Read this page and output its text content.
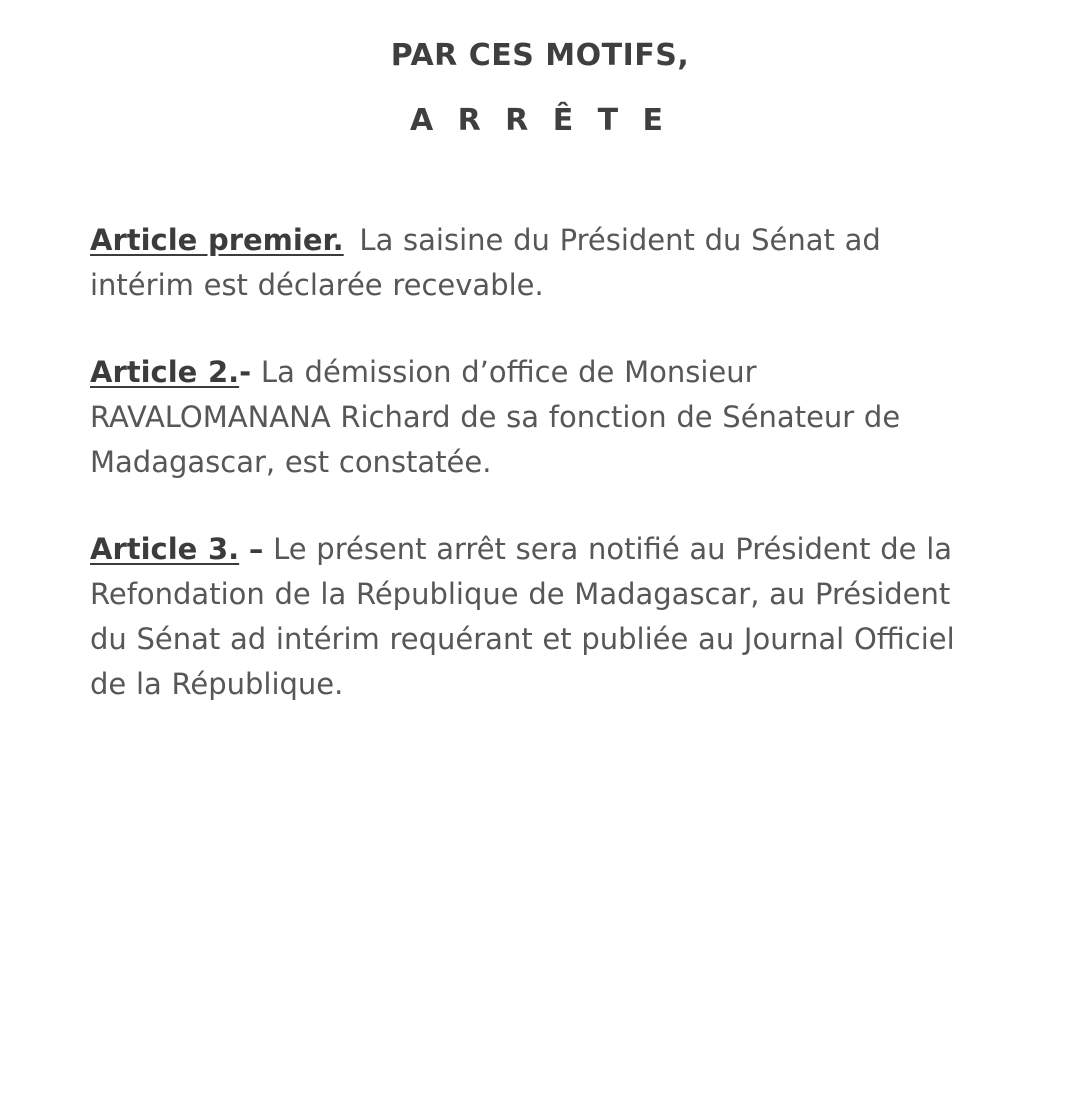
PAR CES MOTIFS,
A R R Ê T E

Article premier. La saisine du Président du Sénat ad intérim est déclarée recevable.

Article 2.- La démission d’office de Monsieur RAVALOMANANA Richard de sa fonction de Sénateur de Madagascar, est constatée.

Article 3. – Le présent arrêt sera notifié au Président de la Refondation de la République de Madagascar, au Président du Sénat ad intérim requérant et publiée au Journal Officiel de la République.
